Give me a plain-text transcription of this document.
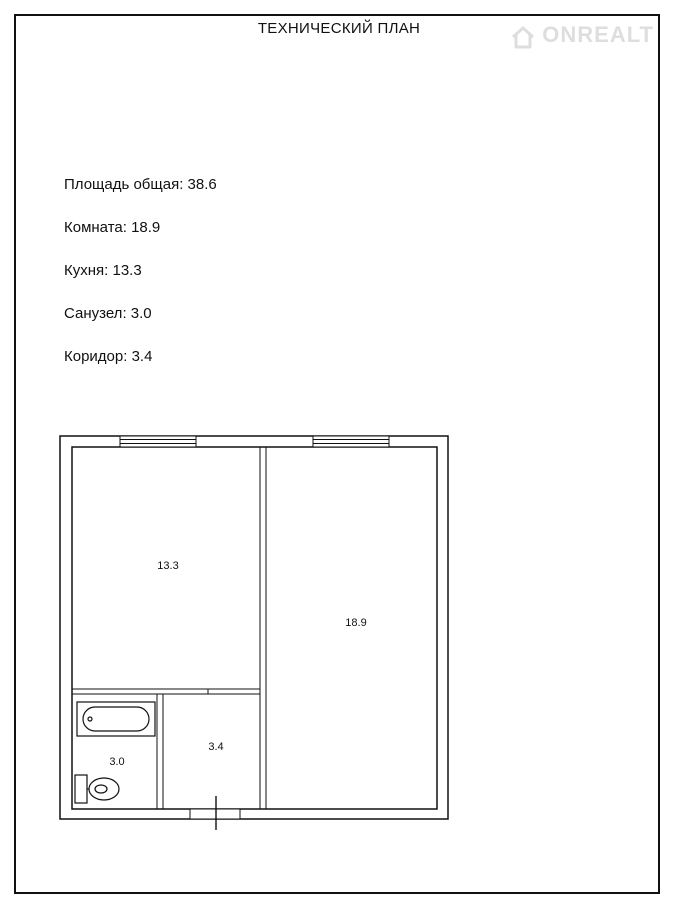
ТЕХНИЧЕСКИЙ ПЛАН	ONREALT
Площадь общая: 38.6
Комната: 18.9
Кухня: 13.3
Санузел: 3.0
Коридор: 3.4
13.3
18.9
3.0
3.4
